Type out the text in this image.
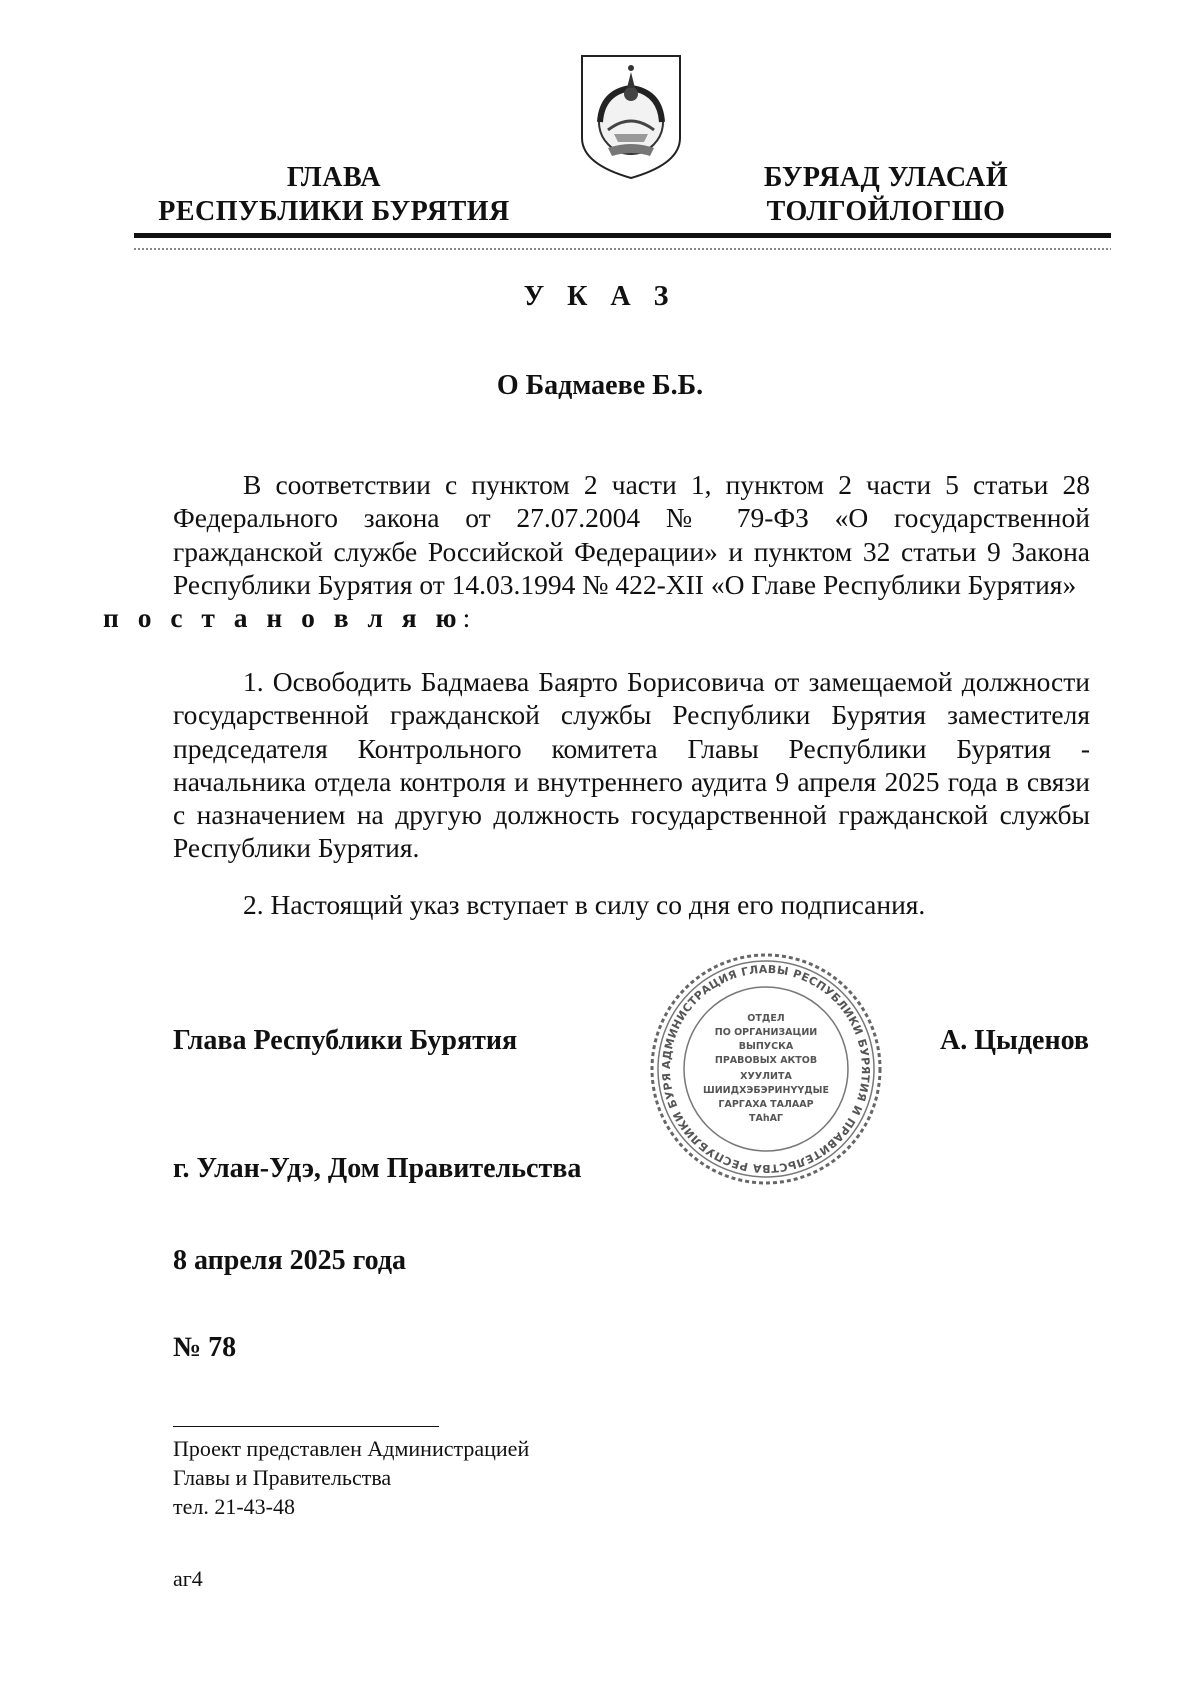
ГЛАВА
РЕСПУБЛИКИ БУРЯТИЯ
БУРЯАД УЛАСАЙ
ТОЛГОЙЛОГШО
У К А З
О Бадмаеве Б.Б.

В соответствии с пунктом 2 части 1, пунктом 2 части 5 статьи 28 Федерального закона от 27.07.2004 № 79-ФЗ «О государственной гражданской службе Российской Федерации» и пунктом 32 статьи 9 Закона Республики Бурятия от 14.03.1994 № 422-XII «О Главе Республики Бурятия»
п о с т а н о в л я ю:

1. Освободить Бадмаева Баярто Борисовича от замещаемой должности государственной гражданской службы Республики Бурятия заместителя председателя Контрольного комитета Главы Республики Бурятия - начальника отдела контроля и внутреннего аудита 9 апреля 2025 года в связи с назначением на другую должность государственной гражданской службы Республики Бурятия.

2. Настоящий указ вступает в силу со дня его подписания.

Глава Республики Бурятия	А. Цыденов
АДМИНИСТРАЦИЯ ГЛАВЫ РЕСПУБЛИКИ БУРЯТИЯ И ПРАВИТЕЛЬСТВА РЕСПУБЛИКИ БУРЯ
ОТДЕЛ
ПО ОРГАНИЗАЦИИ
ВЫПУСКА
ПРАВОВЫХ АКТОВ
ХУУЛИТА
ШИИДХЭБЭРИНҮҮДЫЕ
ГАРГАХА ТАЛААР
ТАһАГ
г. Улан-Удэ, Дом Правительства
8 апреля 2025 года
№ 78
Проект представлен Администрацией
Главы и Правительства
тел. 21-43-48
аг4
